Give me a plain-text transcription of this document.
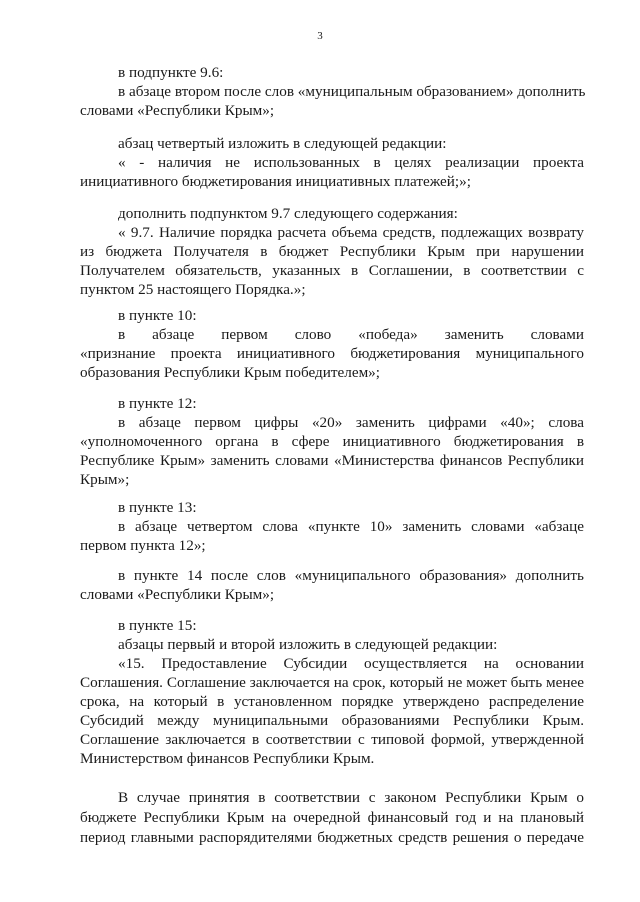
3
в подпункте 9.6:
в абзаце втором после слов «муниципальным образованием» дополнить
словами «Республики Крым»;
абзац четвертый изложить в следующей редакции:
« - наличия не использованных в целях реализации проекта
инициативного бюджетирования инициативных платежей;»;
дополнить подпунктом 9.7 следующего содержания:
« 9.7. Наличие порядка расчета объема средств, подлежащих возврату
из бюджета Получателя в бюджет Республики Крым при нарушении
Получателем обязательств, указанных в Соглашении, в соответствии с
пунктом 25 настоящего Порядка.»;
в пункте 10:
в абзаце первом слово «победа» заменить словами
«признание проекта инициативного бюджетирования муниципального
образования Республики Крым победителем»;
в пункте 12:
в абзаце первом цифры «20» заменить цифрами «40»; слова
«уполномоченного органа в сфере инициативного бюджетирования в
Республике Крым» заменить словами «Министерства финансов Республики
Крым»;
в пункте 13:
в абзаце четвертом слова «пункте 10» заменить словами «абзаце
первом пункта 12»;
в пункте 14 после слов «муниципального образования» дополнить
словами «Республики Крым»;
в пункте 15:
абзацы первый и второй изложить в следующей редакции:
«15. Предоставление Субсидии осуществляется на основании
Соглашения. Соглашение заключается на срок, который не может быть менее
срока, на который в установленном порядке утверждено распределение
Субсидий между муниципальными образованиями Республики Крым.
Соглашение заключается в соответствии с типовой формой, утвержденной
Министерством финансов Республики Крым.
В случае принятия в соответствии с законом Республики Крым о
бюджете Республики Крым на очередной финансовый год и на плановый
период главными распорядителями бюджетных средств решения о передаче
